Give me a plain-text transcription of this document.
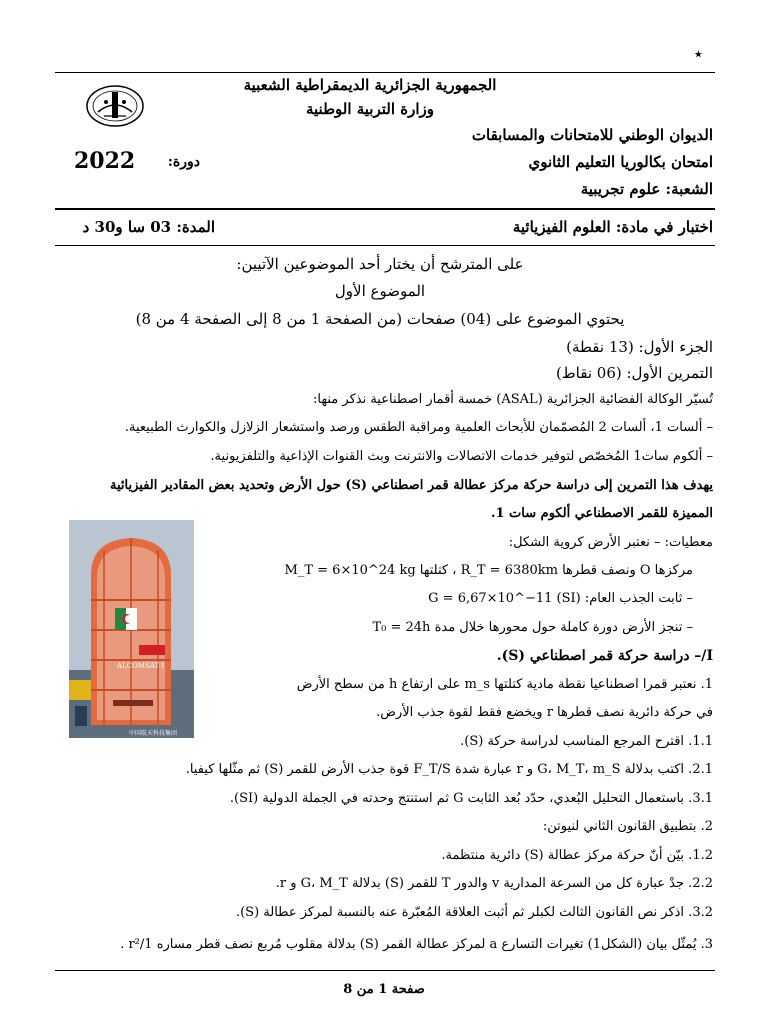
٭
الجمهورية الجزائرية الديمقراطية الشعبية
وزارة التربية الوطنية
الديوان الوطني للامتحانات والمسابقات
امتحان بكالوريا التعليم الثانوي
دورة:
2022
الشعبة: علوم تجريبية
اختبار في مادة: العلوم الفيزيائية
المدة: 03 سا و30 د
على المترشح أن يختار أحد الموضوعين الآتيين:
الموضوع الأول
يحتوي الموضوع على (04) صفحات (من الصفحة 1 من 8 إلى الصفحة 4 من 8)
الجزء الأول: (13 نقطة)
التمرين الأول: (06 نقاط)
تُسيّر الوكالة الفضائية الجزائرية (ASAL) خمسة أقمار اصطناعية نذكر منها:
– ألسات 1، ألسات 2 المُصمّمان للأبحاث العلمية ومراقبة الطقس ورصد واستشعار الزلازل والكوارث الطبيعية.
– ألكوم سات1 المُخصّص لتوفير خدمات الاتصالات والانترنت وبث القنوات الإذاعية والتلفزيونية.
يهدف هذا التمرين إلى دراسة حركة مركز عطالة قمر اصطناعي (S) حول الأرض وتحديد بعض المقادير الفيزيائية
المميزة للقمر الاصطناعي ألكوم سات 1.
معطيات: – نعتبر الأرض كروية الشكل:
مركزها O ونصف قطرها R_T = 6380km ، كتلتها M_T = 6×10^24 kg
– ثابت الجذب العام: G = 6,67×10^−11 (SI)
– تنجز الأرض دورة كاملة حول محورها خلال مدة T₀ = 24h
I/– دراسة حركة قمر اصطناعي (S).
1. نعتبر قمرا اصطناعيا نقطة مادية كتلتها m_s على ارتفاع h من سطح الأرض
في حركة دائرية نصف قطرها r ويخضع فقط لقوة جذب الأرض.
1.1. اقترح المرجع المناسب لدراسة حركة (S).
2.1. اكتب بدلالة G، M_T، m_S و r عبارة شدة F_T/S قوة جذب الأرض للقمر (S) ثم مثّلها كيفيا.
3.1. باستعمال التحليل البُعدي، حدّد بُعد الثابت G ثم استنتج وحدته في الجملة الدولية (SI).
2. بتطبيق القانون الثاني لنيوتن:
1.2. بيّن أنّ حركة مركز عطالة (S) دائرية منتظمة.
2.2. جدْ عبارة كل من السرعة المدارية v والدور T للقمر (S) بدلالة G، M_T و r.
3.2. اذكر نص القانون الثالث لكبلر ثم أثبت العلاقة المُعبّرة عنه بالنسبة لمركز عطالة (S).
3. يُمثّل بيان (الشكل1) تغيرات التسارع a لمركز عطالة القمر (S) بدلالة مقلوب مُربع نصف قطر مساره 1/r² .
ALCOMSAT-1
中国航天科技集团
صفحة 1 من 8
